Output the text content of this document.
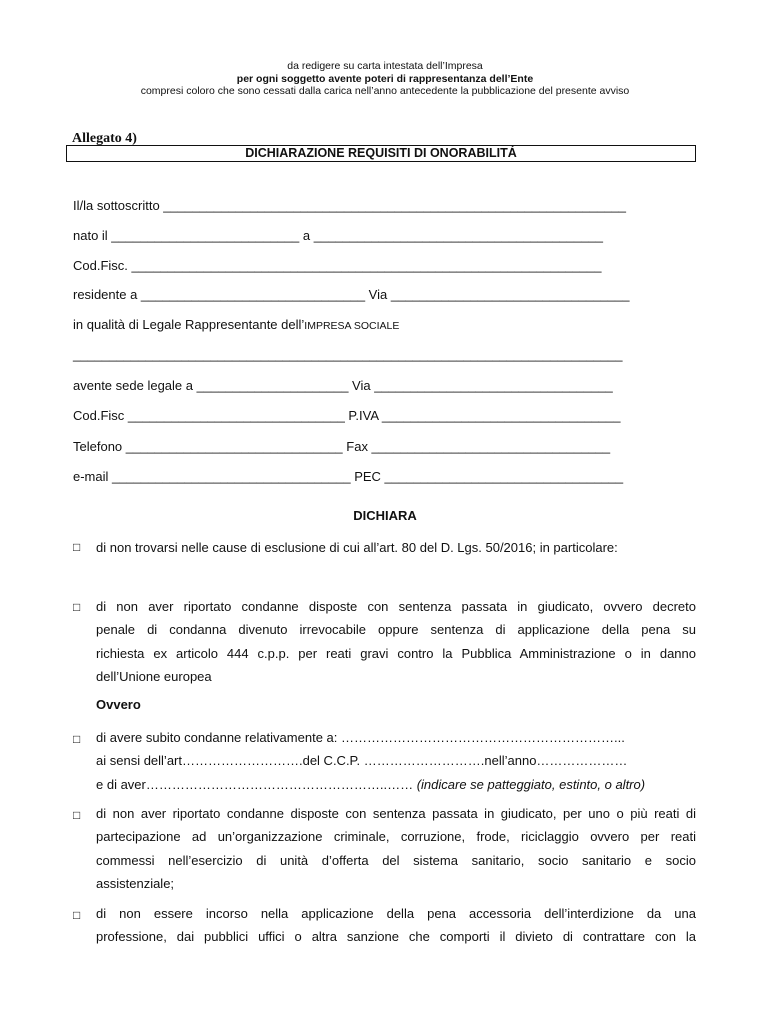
da redigere su carta intestata dell’Impresa
per ogni soggetto avente poteri di rappresentanza dell’Ente
compresi coloro che sono cessati dalla carica nell’anno antecedente la pubblicazione del presente avviso
Allegato 4)
DICHIARAZIONE REQUISITI DI ONORABILITÁ
Il/la sottoscritto ________________________________________________________________
nato il __________________________ a ________________________________________
Cod.Fisc. _________________________________________________________________
residente a _______________________________ Via _________________________________
in qualità di Legale Rappresentante dell’IMPRESA SOCIALE
____________________________________________________________________________
avente sede legale a _____________________ Via _________________________________
Cod.Fisc ______________________________ P.IVA _________________________________
Telefono ______________________________ Fax _________________________________
e-mail _________________________________ PEC _________________________________
DICHIARA
□ di non trovarsi nelle cause di esclusione di cui all’art. 80 del D. Lgs. 50/2016; in particolare:
□ di non aver riportato condanne disposte con sentenza passata in giudicato, ovvero decreto
penale di condanna divenuto irrevocabile oppure sentenza di applicazione della pena su
richiesta ex articolo 444 c.p.p. per reati gravi contro la Pubblica Amministrazione o in danno
dell’Unione europea
Ovvero
□ di avere subito condanne relativamente a: ………………………………………………………...
ai sensi dell’art……………………….del C.C.P. ……………………….nell’anno…………………
e di aver………………………………………………..…… (indicare se patteggiato, estinto, o altro)
□ di non aver riportato condanne disposte con sentenza passata in giudicato, per uno o più reati di
partecipazione ad un’organizzazione criminale, corruzione, frode, riciclaggio ovvero per reati
commessi nell’esercizio di unità d’offerta del sistema sanitario, socio sanitario e socio
assistenziale;
□ di non essere incorso nella applicazione della pena accessoria dell’interdizione da una
professione, dai pubblici uffici o altra sanzione che comporti il divieto di contrattare con la
